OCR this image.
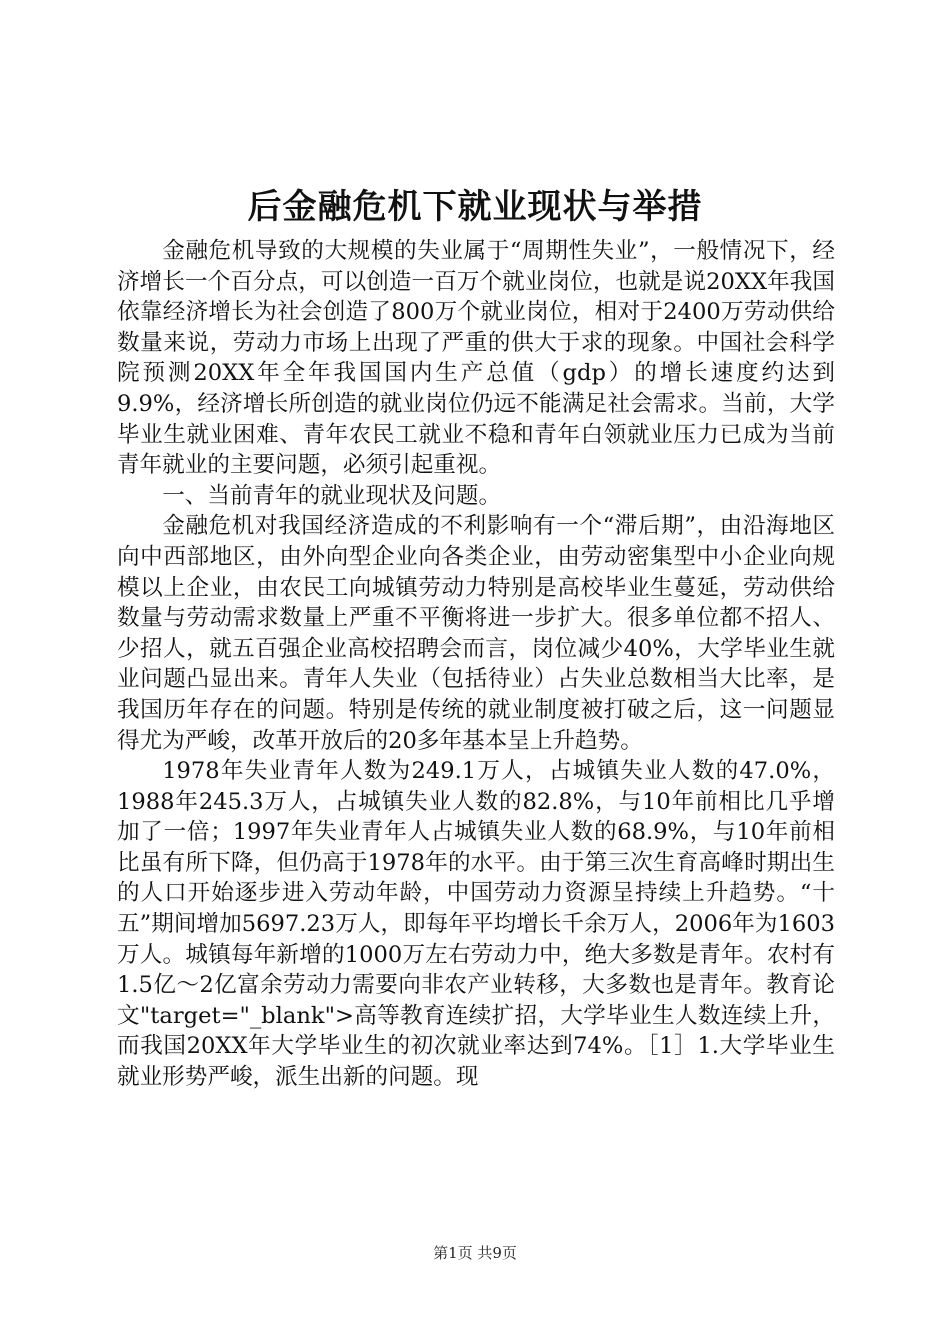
后金融危机下就业现状与举措

金融危机导致的大规模的失业属于“周期性失业”，一般情况下，经济增长一个百分点，可以创造一百万个就业岗位，也就是说20XX年我国依靠经济增长为社会创造了800万个就业岗位，相对于2400万劳动供给数量来说，劳动力市场上出现了严重的供大于求的现象。中国社会科学院预测20XX年全年我国国内生产总值（gdp）的增长速度约达到9.9%，经济增长所创造的就业岗位仍远不能满足社会需求。当前，大学毕业生就业困难、青年农民工就业不稳和青年白领就业压力已成为当前青年就业的主要问题，必须引起重视。

一、当前青年的就业现状及问题。

金融危机对我国经济造成的不利影响有一个“滞后期”，由沿海地区向中西部地区，由外向型企业向各类企业，由劳动密集型中小企业向规模以上企业，由农民工向城镇劳动力特别是高校毕业生蔓延，劳动供给数量与劳动需求数量上严重不平衡将进一步扩大。很多单位都不招人、少招人，就五百强企业高校招聘会而言，岗位减少40%，大学毕业生就业问题凸显出来。青年人失业（包括待业）占失业总数相当大比率，是我国历年存在的问题。特别是传统的就业制度被打破之后，这一问题显得尤为严峻，改革开放后的20多年基本呈上升趋势。

1978年失业青年人数为249.1万人，占城镇失业人数的47.0%，1988年245.3万人，占城镇失业人数的82.8%，与10年前相比几乎增加了一倍；1997年失业青年人占城镇失业人数的68.9%，与10年前相比虽有所下降，但仍高于1978年的水平。由于第三次生育高峰时期出生的人口开始逐步进入劳动年龄，中国劳动力资源呈持续上升趋势。“十五”期间增加5697.23万人，即每年平均增长千余万人，2006年为1603万人。城镇每年新增的1000万左右劳动力中，绝大多数是青年。农村有1.5亿～2亿富余劳动力需要向非农产业转移，大多数也是青年。教育论文"target="_blank">高等教育连续扩招，大学毕业生人数连续上升，而我国20XX年大学毕业生的初次就业率达到74%。［1］1.大学毕业生就业形势严峻，派生出新的问题。现

第1页 共9页
